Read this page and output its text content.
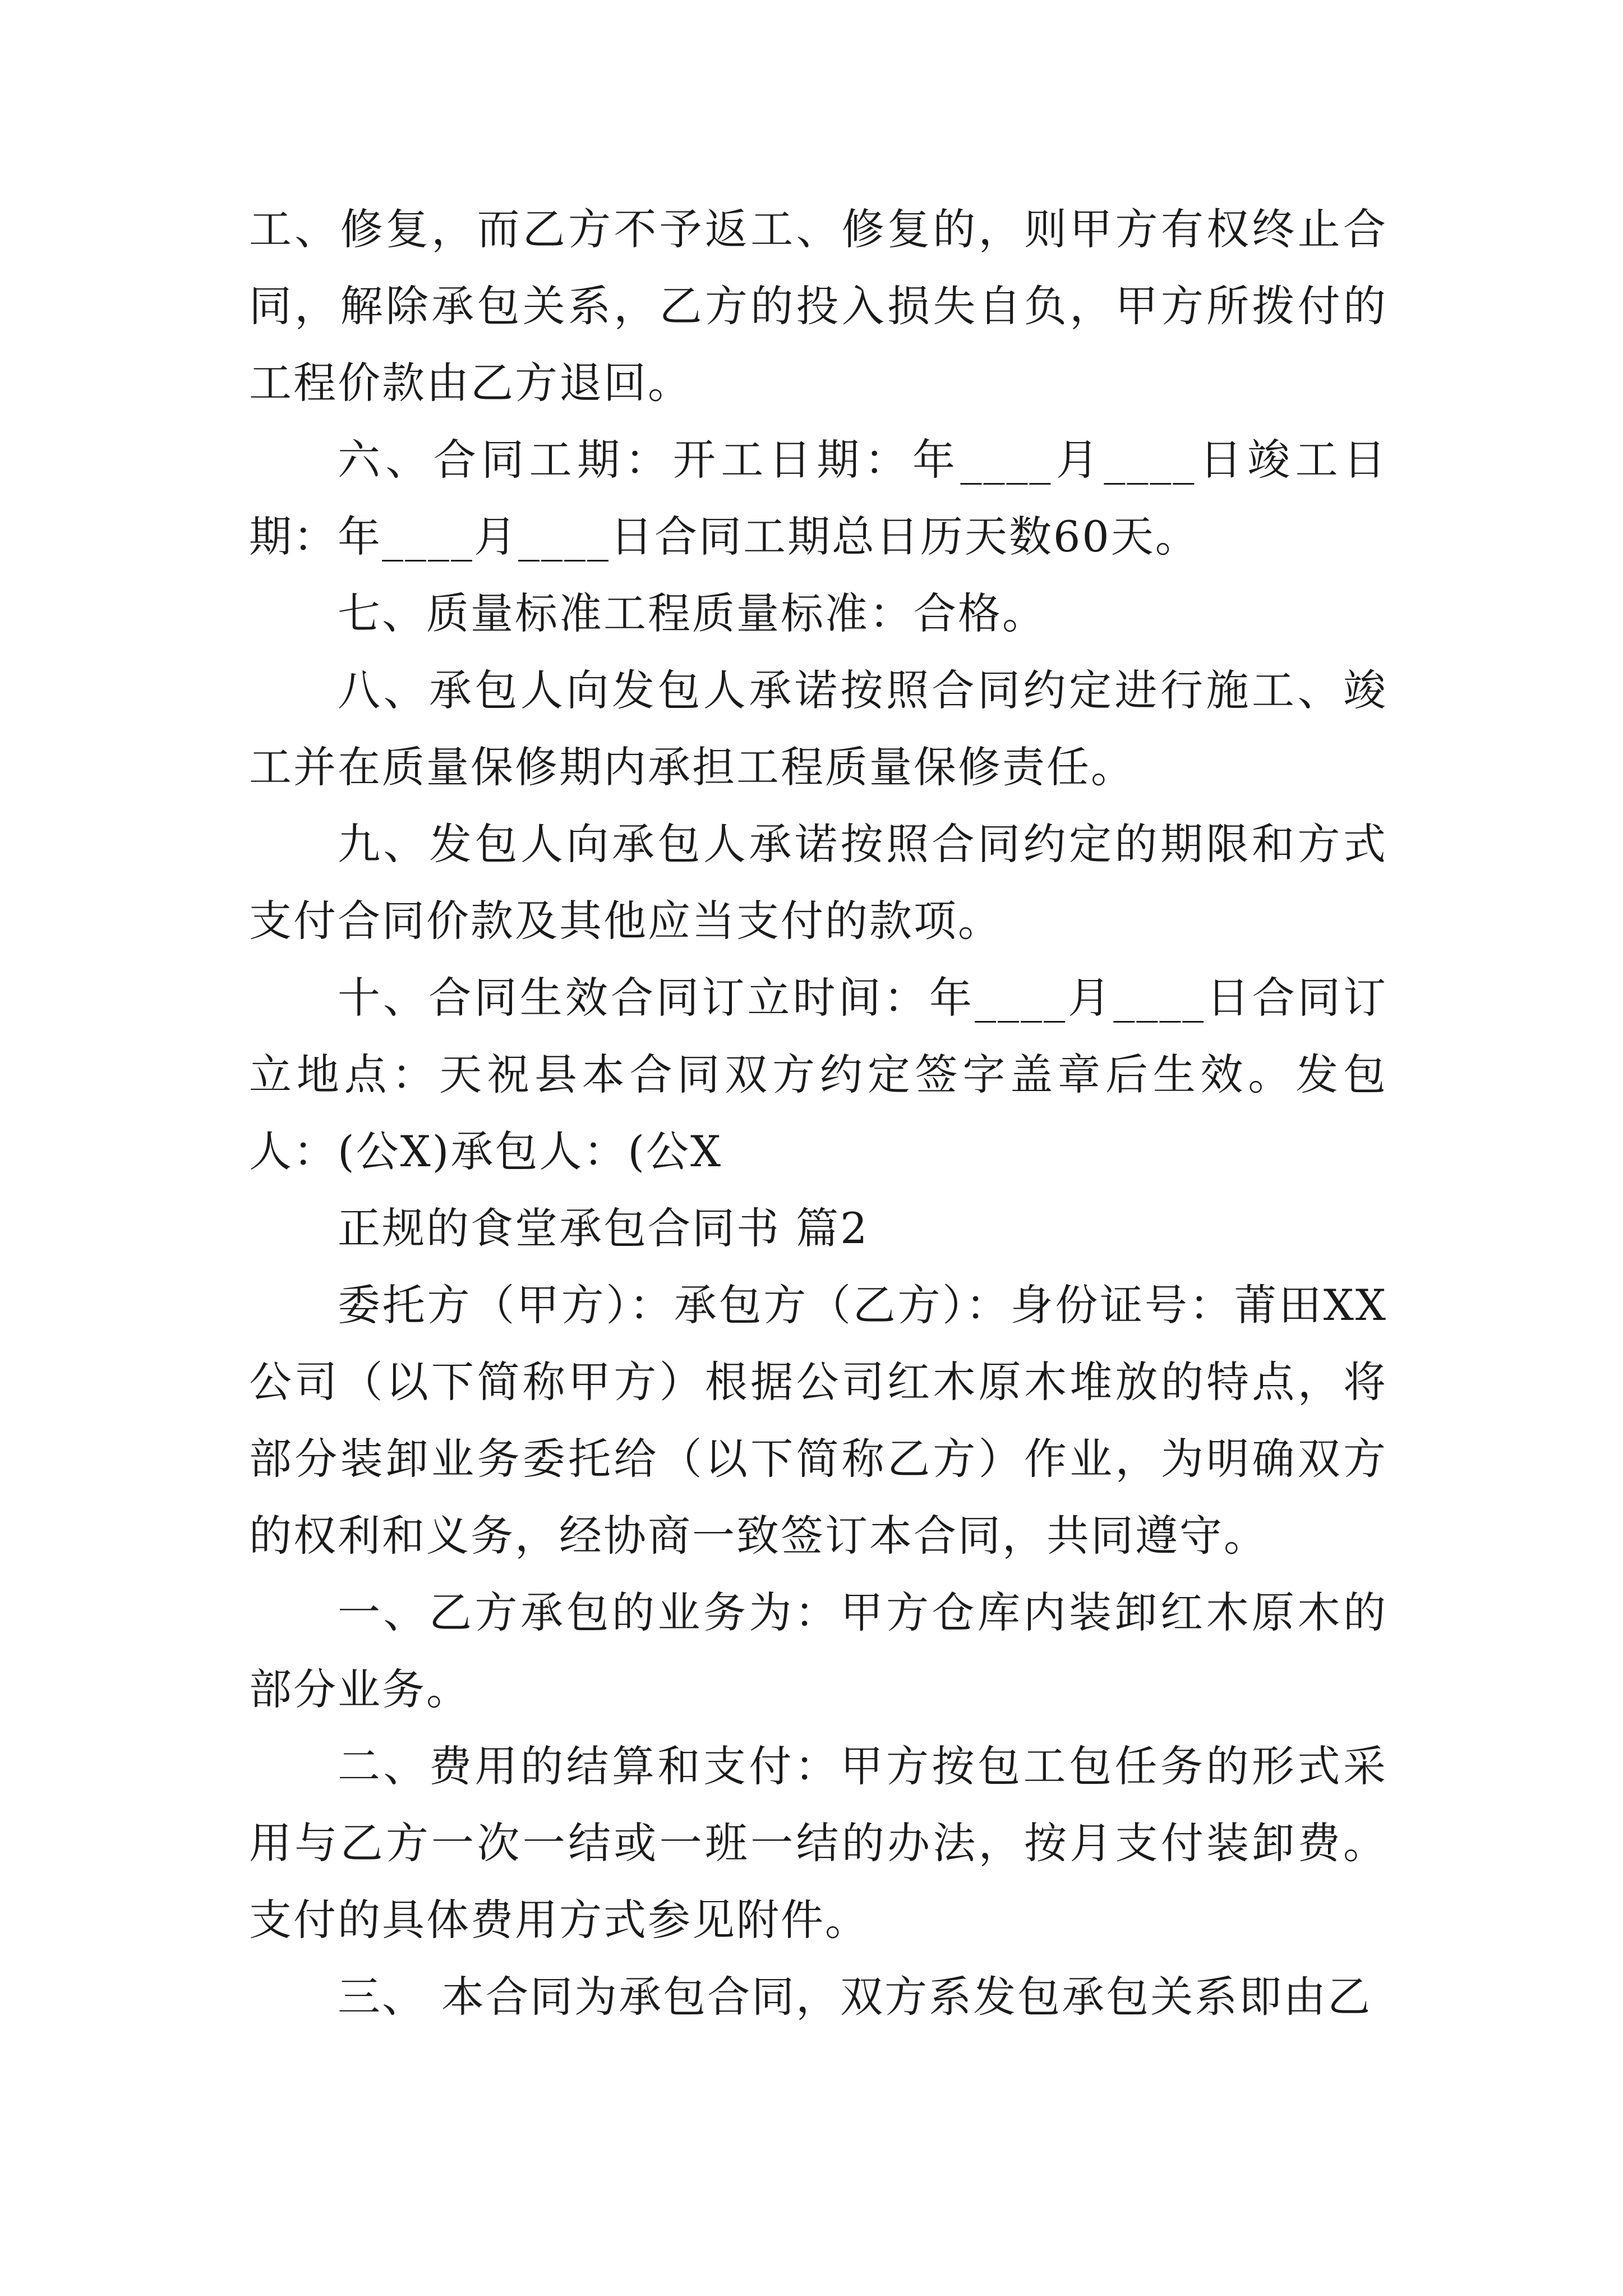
工、修复，而乙方不予返工、修复的，则甲方有权终止合同，解除承包关系，乙方的投入损失自负，甲方所拨付的工程价款由乙方退回。

六、合同工期：开工日期：年____月____日竣工日期：年____月____日合同工期总日历天数60天。

七、质量标准工程质量标准：合格。

八、承包人向发包人承诺按照合同约定进行施工、竣工并在质量保修期内承担工程质量保修责任。

九、发包人向承包人承诺按照合同约定的期限和方式支付合同价款及其他应当支付的款项。

十、合同生效合同订立时间：年____月____日合同订立地点：天祝县本合同双方约定签字盖章后生效。发包人：(公X)承包人：(公X

正规的食堂承包合同书 篇2

委托方（甲方）：承包方（乙方）：身份证号：莆田XX公司（以下简称甲方）根据公司红木原木堆放的特点，将部分装卸业务委托给（以下简称乙方）作业，为明确双方的权利和义务，经协商一致签订本合同，共同遵守。

一、乙方承包的业务为：甲方仓库内装卸红木原木的部分业务。

二、费用的结算和支付：甲方按包工包任务的形式采用与乙方一次一结或一班一结的办法，按月支付装卸费。支付的具体费用方式参见附件。

三、 本合同为承包合同，双方系发包承包关系即由乙
